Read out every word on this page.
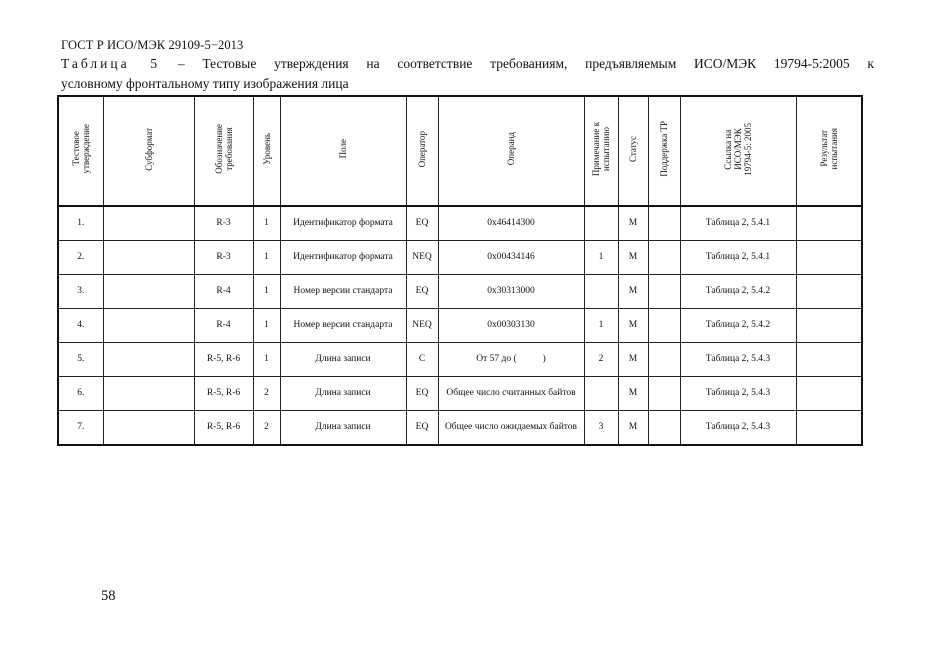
ГОСТ Р ИСО/МЭК 29109-5−2013
Таблица 5 – Тестовые утверждения на соответствие требованиям, предъявляемым ИСО/МЭК 19794-5:2005 к
условному фронтальному типу изображения лица
Тестовое
утверждение	Субформат	Обозначение
требования	Уровень	Поле	Оператор	Операнд	Примечание к
испытанию	Статус	Поддержка ТР	Ссылка на
ИСО/МЭК
19794-5: 2005	Результат
испытания
1.		R-3	1	Идентификатор формата	EQ	0x46414300		M		Таблица 2, 5.4.1	
2.		R-3	1	Идентификатор формата	NEQ	0x00434146	1	M		Таблица 2, 5.4.1	
3.		R-4	1	Номер версии стандарта	EQ	0x30313000		M		Таблица 2, 5.4.2	
4.		R-4	1	Номер версии стандарта	NEQ	0x00303130	1	M		Таблица 2, 5.4.2	
5.		R-5, R-6	1	Длина записи	C	От 57 до ( )	2	M		Таблица 2, 5.4.3	
6.		R-5, R-6	2	Длина записи	EQ	Общее число считанных байтов		M		Таблица 2, 5.4.3	
7.		R-5, R-6	2	Длина записи	EQ	Общее число ожидаемых байтов	3	M		Таблица 2, 5.4.3	
58
